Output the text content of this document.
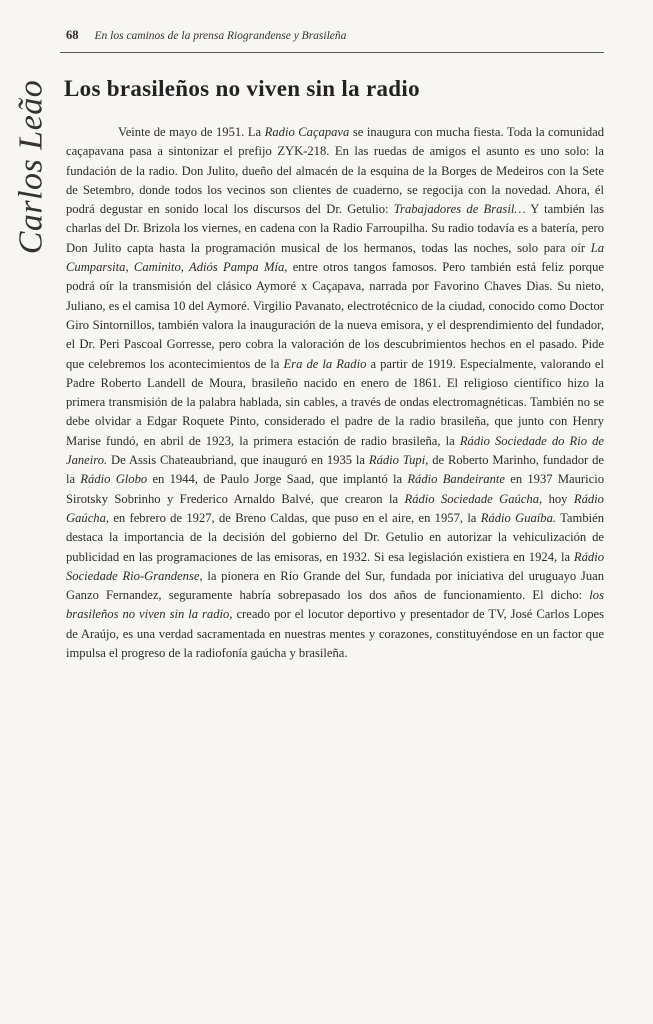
68 En los caminos de la prensa Riograndense y Brasileña
Carlos Leão Los brasileños no viven sin la radio

Veinte de mayo de 1951. La Radio Caçapava se inaugura con mucha fiesta. Toda la comunidad caçapavana pasa a sintonizar el prefijo ZYK-218. En las ruedas de amigos el asunto es uno solo: la fundación de la radio. Don Julito, dueño del almacén de la esquina de la Borges de Medeiros con la Sete de Setembro, donde todos los vecinos son clientes de cuaderno, se regocija con la novedad. Ahora, él podrá degustar en sonido local los discursos del Dr. Getulio: Trabajadores de Brasil… Y también las charlas del Dr. Brizola los viernes, en cadena con la Radio Farroupilha. Su radio todavía es a batería, pero Don Julito capta hasta la programación musical de los hermanos, todas las noches, solo para oír La Cumparsita, Caminito, Adiós Pampa Mía, entre otros tangos famosos. Pero también está feliz porque podrá oír la transmisión del clásico Aymoré x Caçapava, narrada por Favorino Chaves Dias. Su nieto, Juliano, es el camisa 10 del Aymoré. Virgilio Pavanato, electrotécnico de la ciudad, conocido como Doctor Giro Sintornillos, también valora la inauguración de la nueva emisora, y el desprendimiento del fundador, el Dr. Peri Pascoal Gorresse, pero cobra la valoración de los descubrimientos hechos en el pasado. Pide que celebremos los acontecimientos de la Era de la Radio a partir de 1919. Especialmente, valorando el Padre Roberto Landell de Moura, brasileño nacido en enero de 1861. El religioso científico hizo la primera transmisión de la palabra hablada, sin cables, a través de ondas electromagnéticas. También no se debe olvidar a Edgar Roquete Pinto, considerado el padre de la radio brasileña, que junto con Henry Marise fundó, en abril de 1923, la primera estación de radio brasileña, la Rádio Sociedade do Rio de Janeiro. De Assis Chateaubriand, que inauguró en 1935 la Rádio Tupi, de Roberto Marinho, fundador de la Rádio Globo en 1944, de Paulo Jorge Saad, que implantó la Rádio Bandeirante en 1937 Mauricio Sirotsky Sobrinho y Frederico Arnaldo Balvé, que crearon la Rádio Sociedade Gaúcha, hoy Rádio Gaúcha, en febrero de 1927, de Breno Caldas, que puso en el aire, en 1957, la Rádio Guaíba. También destaca la importancia de la decisión del gobierno del Dr. Getulio en autorizar la vehiculización de publicidad en las programaciones de las emisoras, en 1932. Si esa legislación existiera en 1924, la Rádio Sociedade Rio-Grandense, la pionera en Río Grande del Sur, fundada por iniciativa del uruguayo Juan Ganzo Fernandez, seguramente habría sobrepasado los dos años de funcionamiento. El dicho: los brasileños no viven sin la radio, creado por el locutor deportivo y presentador de TV, José Carlos Lopes de Araújo, es una verdad sacramentada en nuestras mentes y corazones, constituyéndose en un factor que impulsa el progreso de la radiofonía gaúcha y brasileña.
